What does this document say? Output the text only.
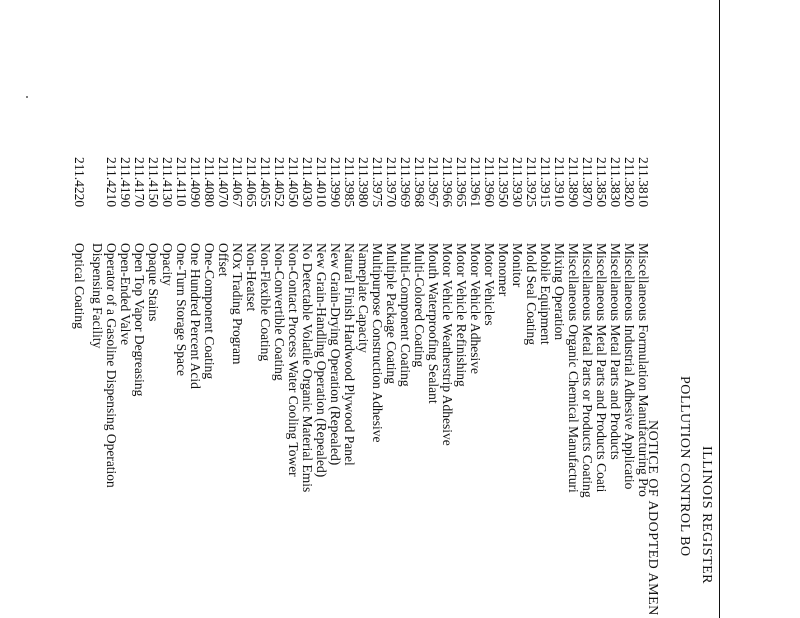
ILLINOIS REGISTER
POLLUTION CONTROL BO
NOTICE OF ADOPTED AMEN
211.3810
Miscellaneous Formulation Manufacturing Pro
211.3820
Miscellaneous Industrial Adhesive Applicatio
211.3830
Miscellaneous Metal Parts and Products
211.3850
Miscellaneous Metal Parts and Products Coati
211.3870
Miscellaneous Metal Parts or Products Coating
211.3890
Miscellaneous Organic Chemical Manufacturi
211.3910
Mixing Operation
211.3915
Mobile Equipment
211.3925
Mold Seal Coating
211.3930
Monitor
211.3950
Monomer
211.3960
Motor Vehicles
211.3961
Motor Vehicle Adhesive
211.3965
Motor Vehicle Refinishing
211.3966
Motor Vehicle Weatherstrip Adhesive
211.3967
Mouth Waterproofing Sealant
211.3968
Multi-Colored Coating
211.3969
Multi-Component Coating
211.3970
Multiple Package Coating
211.3975
Multipurpose Construction Adhesive
211.3980
Nameplate Capacity
211.3985
Natural Finish Hardwood Plywood Panel
211.3990
New Grain-Drying Operation (Repealed)
211.4010
New Grain-Handling Operation (Repealed)
211.4030
No Detectable Volatile Organic Material Emis
211.4050
Non-Contact Process Water Cooling Tower
211.4052
Non-Convertible Coating
211.4055
Non-Flexible Coating
211.4065
Non-Heatset
211.4067
NOx Trading Program
211.4070
Offset
211.4080
One-Component Coating
211.4090
One Hundred Percent Acid
211.4110
One-Turn Storage Space
211.4130
Opacity
211.4150
Opaque Stains
211.4170
Open Top Vapor Degreasing
211.4190
Open-Ended Valve
211.4210
Operator of a Gasoline Dispensing Operation
Dispensing Facility
211.4220
Optical Coating
